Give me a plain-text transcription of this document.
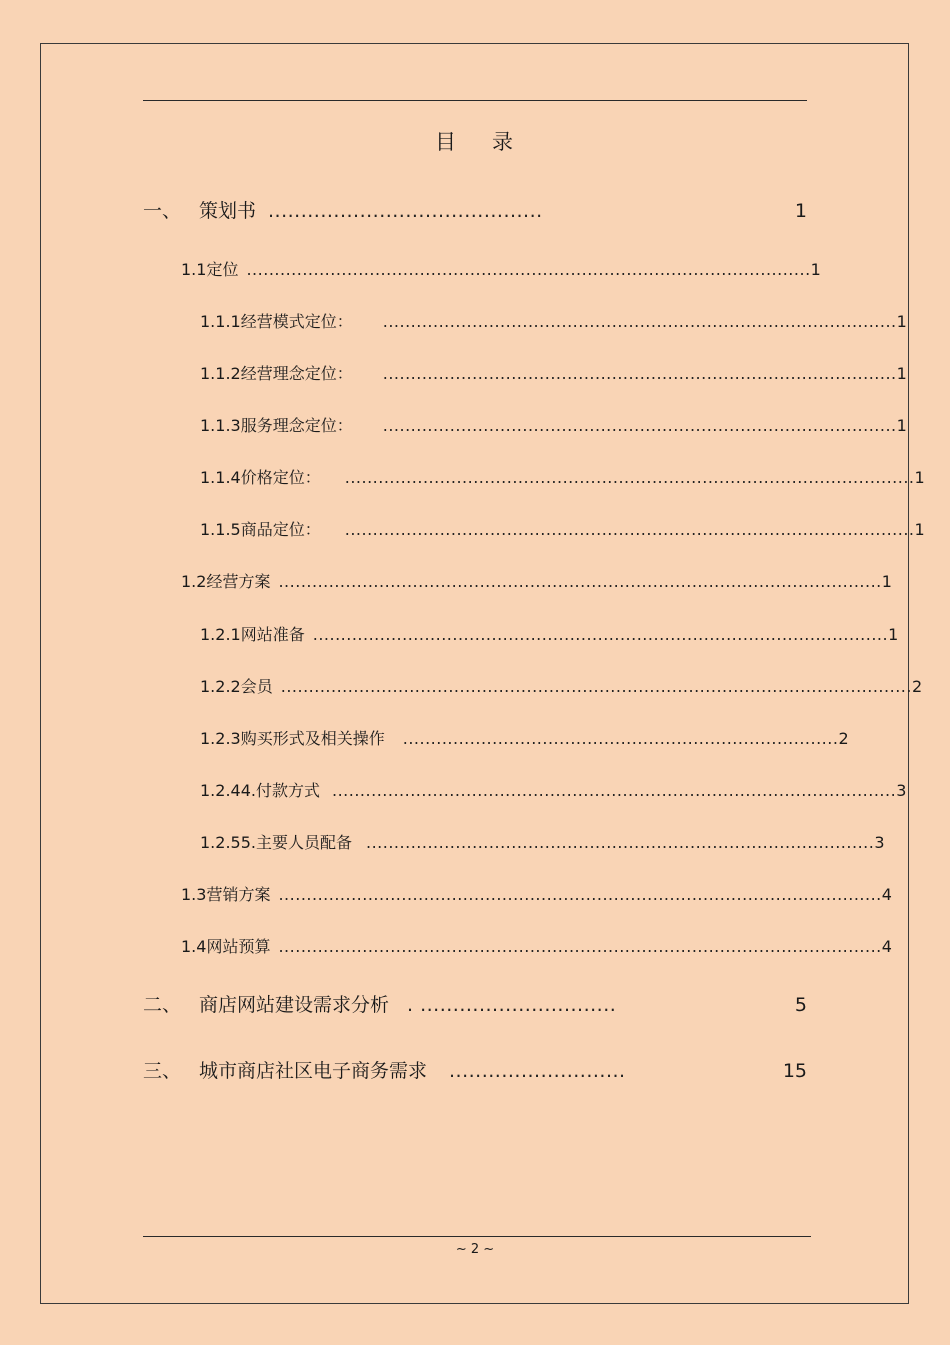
目 录
一、 策划书 ..........................................	1
1.1 定位 ..................................................................................................... 1
1.1.1 经营模式定位： ............................................................................................ 1
1.1.2 经营理念定位： ............................................................................................ 1
1.1.3 服务理念定位： ............................................................................................ 1
1.1.4 价格定位： ...................................................................................................... 1
1.1.5 商品定位： ...................................................................................................... 1
1.2 经营方案 ............................................................................................................ 1
1.2.1 网站准备 ....................................................................................................... 1
1.2.2 会员 ................................................................................................................. 2
1.2.3 购买形式及相关操作 .............................................................................. 2
1.2.4 4.付款方式 ..................................................................................................... 3
1.2.5 5.主要人员配备 ........................................................................................... 3
1.3 营销方案 ............................................................................................................ 4
1.4 网站预算 ............................................................................................................ 4
二、 商店网站建设需求分析 . ..............................	5
三、 城市商店社区电子商务需求 ...........................	15
~ 2 ~
